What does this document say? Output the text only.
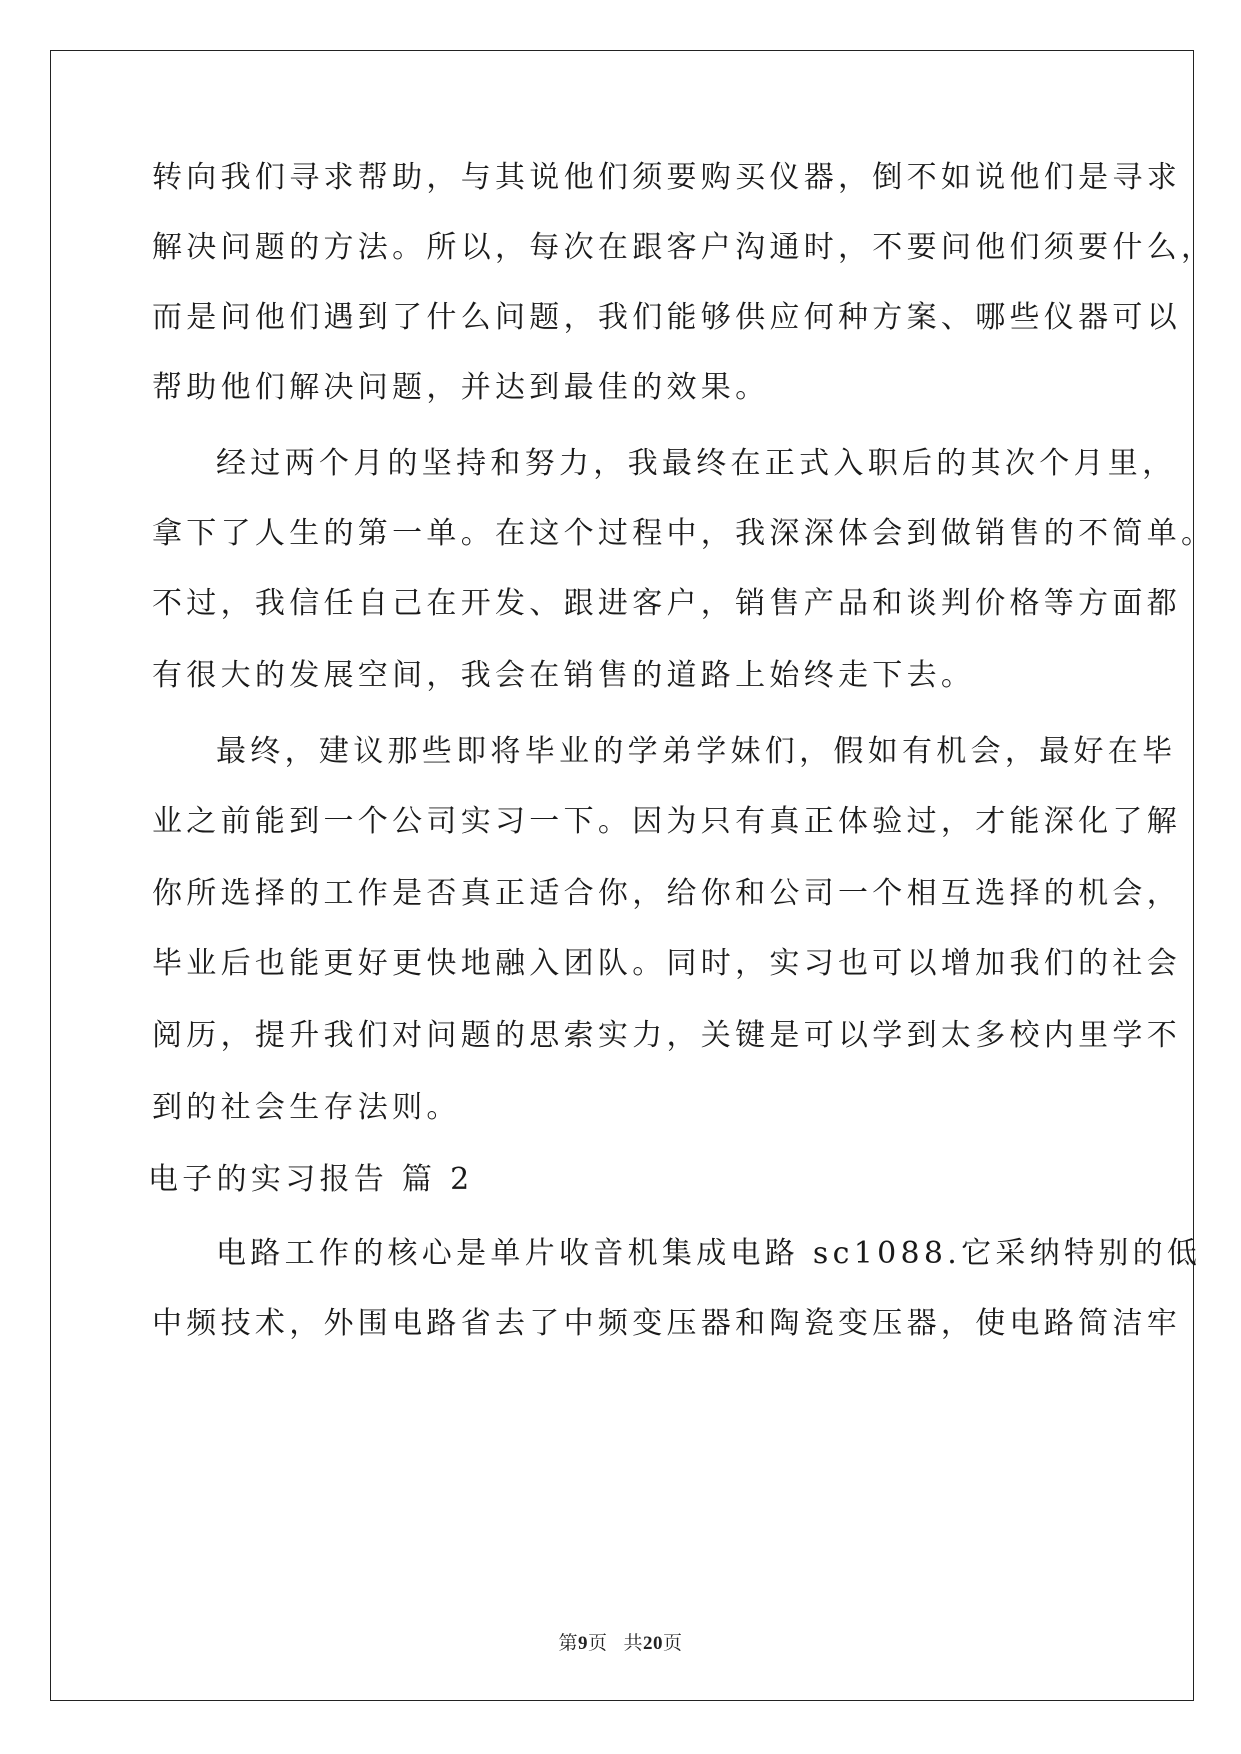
转向我们寻求帮助，与其说他们须要购买仪器，倒不如说他们是寻求
解决问题的方法。所以，每次在跟客户沟通时，不要问他们须要什么，
而是问他们遇到了什么问题，我们能够供应何种方案、哪些仪器可以
帮助他们解决问题，并达到最佳的效果。
经过两个月的坚持和努力，我最终在正式入职后的其次个月里，
拿下了人生的第一单。在这个过程中，我深深体会到做销售的不简单。
不过，我信任自己在开发、跟进客户，销售产品和谈判价格等方面都
有很大的发展空间，我会在销售的道路上始终走下去。
最终，建议那些即将毕业的学弟学妹们，假如有机会，最好在毕
业之前能到一个公司实习一下。因为只有真正体验过，才能深化了解
你所选择的工作是否真正适合你，给你和公司一个相互选择的机会，
毕业后也能更好更快地融入团队。同时，实习也可以增加我们的社会
阅历，提升我们对问题的思索实力，关键是可以学到太多校内里学不
到的社会生存法则。
电子的实习报告 篇 2
电路工作的核心是单片收音机集成电路 sc1088.它采纳特别的低
中频技术，外围电路省去了中频变压器和陶瓷变压器，使电路简洁牢
第9页 共20页
